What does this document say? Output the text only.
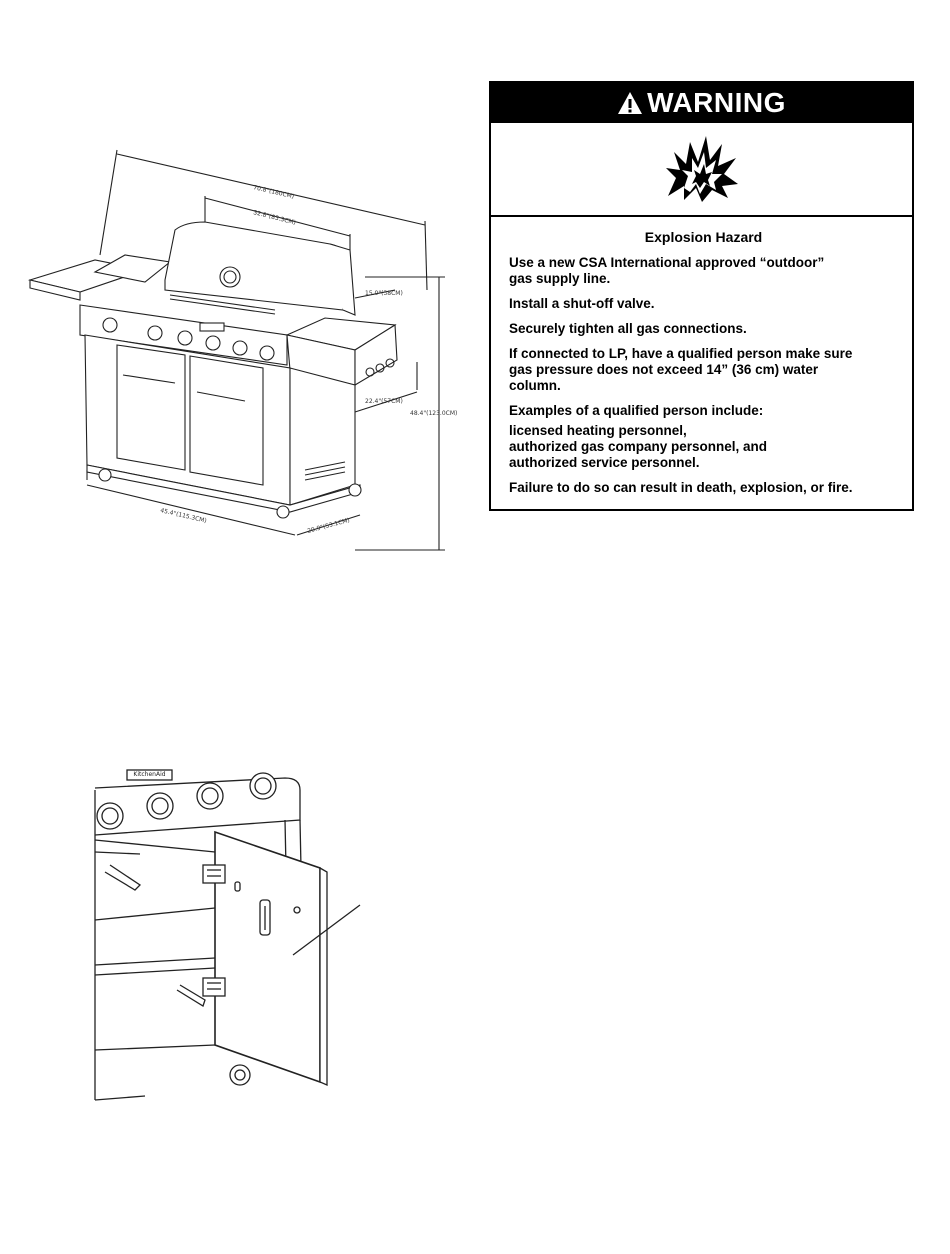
70.8"(180CM)
32.8"(83.3CM)
15.0"(38CM)
22.4"(57CM)
48.4"(123.0CM)
45.4"(115.3CM)
20.9"(53.1CM)
WARNING
Explosion Hazard
Use a new CSA International approved “outdoor”
gas supply line.
Install a shut-off valve.
Securely tighten all gas connections.
If connected to LP, have a qualified person make sure
gas pressure does not exceed 14” (36 cm) water
column.
Examples of a qualified person include:
licensed heating personnel,
authorized gas company personnel, and
authorized service personnel.
Failure to do so can result in death, explosion, or fire.
KitchenAid
